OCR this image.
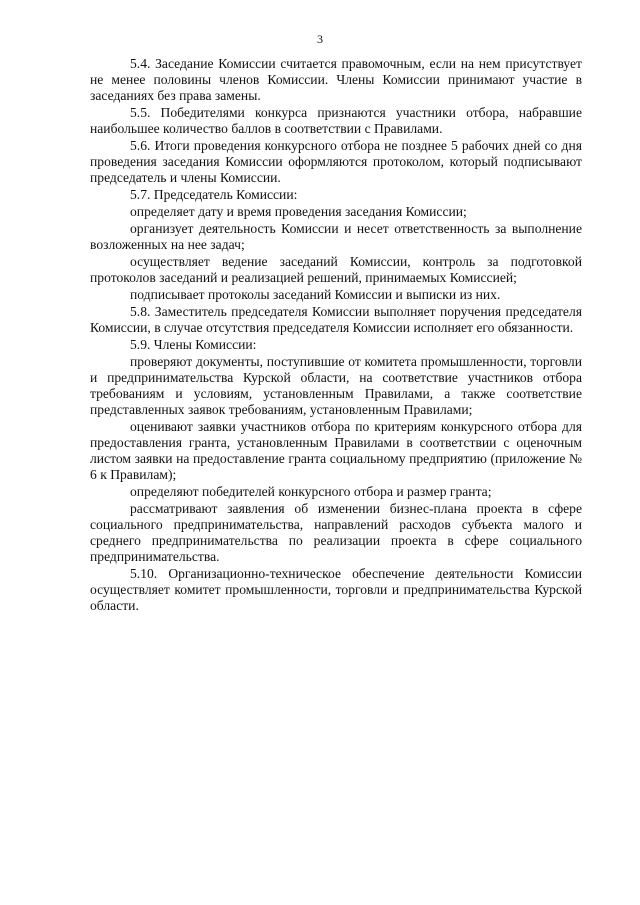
3

5.4. Заседание Комиссии считается правомочным, если на нем присутствует не менее половины членов Комиссии. Члены Комиссии принимают участие в заседаниях без права замены.

5.5. Победителями конкурса признаются участники отбора, набравшие наибольшее количество баллов в соответствии с Правилами.

5.6. Итоги проведения конкурсного отбора не позднее 5 рабочих дней со дня проведения заседания Комиссии оформляются протоколом, который подписывают председатель и члены Комиссии.

5.7. Председатель Комиссии:

определяет дату и время проведения заседания Комиссии;

организует деятельность Комиссии и несет ответственность за выполнение возложенных на нее задач;

осуществляет ведение заседаний Комиссии, контроль за подготовкой протоколов заседаний и реализацией решений, принимаемых Комиссией;

подписывает протоколы заседаний Комиссии и выписки из них.

5.8. Заместитель председателя Комиссии выполняет поручения председателя Комиссии, в случае отсутствия председателя Комиссии исполняет его обязанности.

5.9. Члены Комиссии:

проверяют документы, поступившие от комитета промышленности, торговли и предпринимательства Курской области, на соответствие участников отбора требованиям и условиям, установленным Правилами, а также соответствие представленных заявок требованиям, установленным Правилами;

оценивают заявки участников отбора по критериям конкурсного отбора для предоставления гранта, установленным Правилами в соответствии с оценочным листом заявки на предоставление гранта социальному предприятию (приложение № 6 к Правилам);

определяют победителей конкурсного отбора и размер гранта;

рассматривают заявления об изменении бизнес-плана проекта в сфере социального предпринимательства, направлений расходов субъекта малого и среднего предпринимательства по реализации проекта в сфере социального предпринимательства.

5.10. Организационно-техническое обеспечение деятельности Комиссии осуществляет комитет промышленности, торговли и предпринимательства Курской области.
